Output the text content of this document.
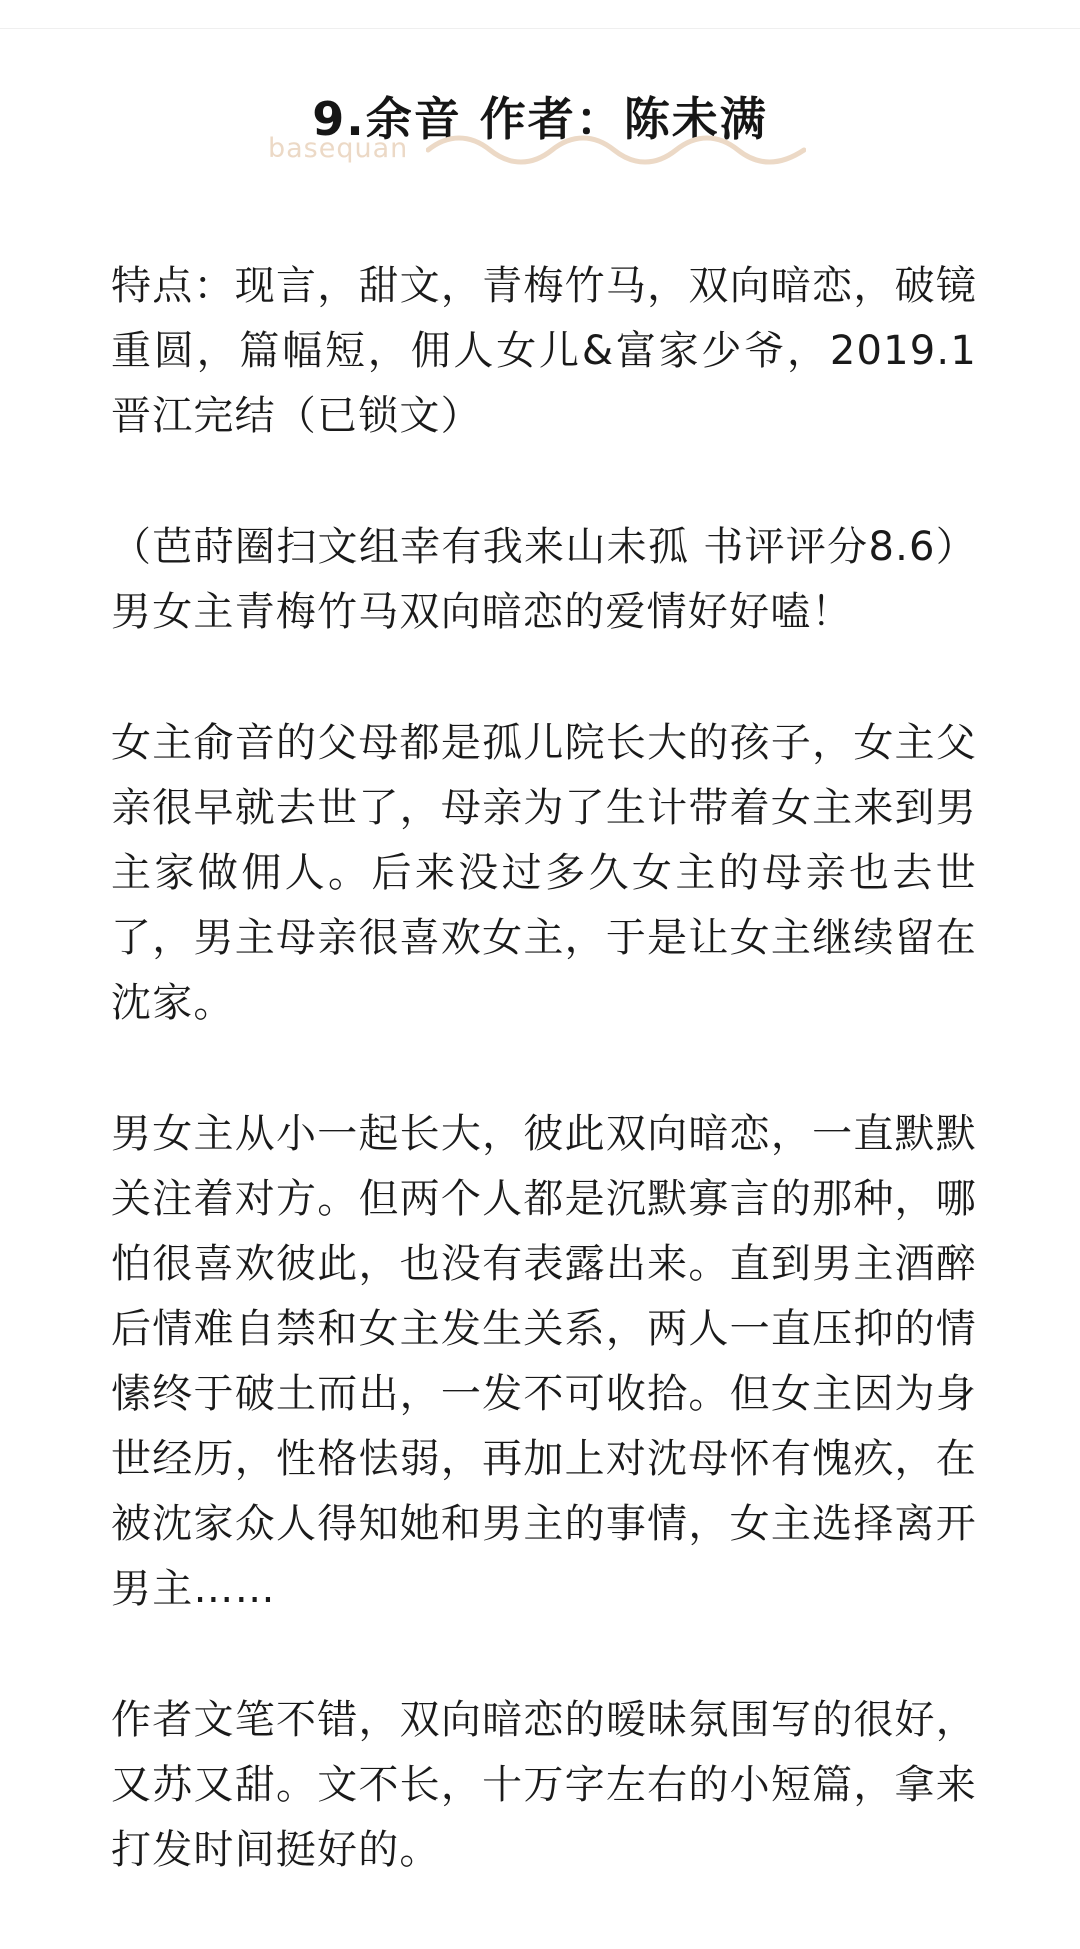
9.余音 作者：陈未满
basequan

特点：现言，甜文，青梅竹马，双向暗恋，破镜重圆，篇幅短，佣人女儿&富家少爷，2019.1晋江完结（已锁文）

（芭莳圈扫文组幸有我来山未孤 书评评分8.6）男女主青梅竹马双向暗恋的爱情好好嗑！

女主俞音的父母都是孤儿院长大的孩子，女主父亲很早就去世了，母亲为了生计带着女主来到男主家做佣人。后来没过多久女主的母亲也去世了，男主母亲很喜欢女主，于是让女主继续留在沈家。

男女主从小一起长大，彼此双向暗恋，一直默默关注着对方。但两个人都是沉默寡言的那种，哪怕很喜欢彼此，也没有表露出来。直到男主酒醉后情难自禁和女主发生关系，两人一直压抑的情愫终于破土而出，一发不可收拾。但女主因为身世经历，性格怯弱，再加上对沈母怀有愧疚，在被沈家众人得知她和男主的事情，女主选择离开男主……

作者文笔不错，双向暗恋的暧昧氛围写的很好，又苏又甜。文不长，十万字左右的小短篇，拿来打发时间挺好的。
